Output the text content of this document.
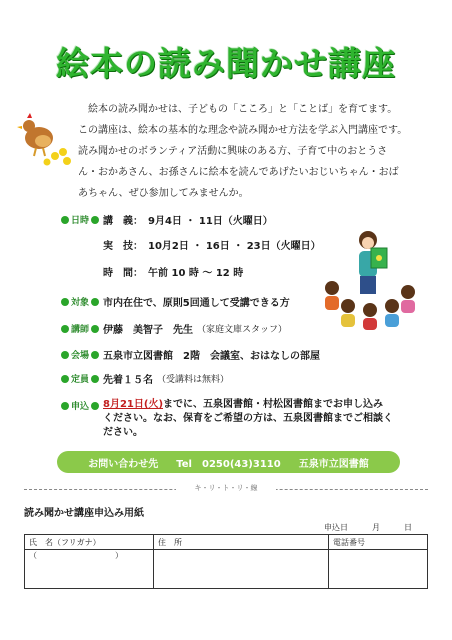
絵本の読み聞かせ講座

　絵本の読み聞かせは、子どもの「こころ」と「ことば」を育てます。

この講座は、絵本の基本的な理念や読み聞かせ方法を学ぶ入門講座です。

読み聞かせのボランティア活動に興味のある方、子育て中のおとうさ

ん・おかあさん、お孫さんに絵本を読んであげたいおじいちゃん・おば

あちゃん、ぜひ参加してみませんか。

日時 講　義：　9月4日 ・ 11日（火曜日）
実　技：　10月2日 ・ 16日 ・ 23日（火曜日）
時　間：　午前 10 時 〜 12 時
対象 市内在住で、原則5回通して受講できる方
講師 伊藤　美智子　先生 （家庭文庫スタッフ）
会場 五泉市立図書館　2階　会議室、おはなしの部屋
定員 先着１５名 （受講料は無料）
申込 8月21日(火)までに、五泉図書館・村松図書館までお申し込み
ください。なお、保育をご希望の方は、五泉図書館までご相談く
ださい。
お問い合わせ先 Tel　0250(43)3110 五泉市立図書館
キ・リ・ト・リ・線
読み聞かせ講座申込み用紙
申込日　　　月　　　日
氏　名（フリガナ）	住　所	電話番号
（ ）		
